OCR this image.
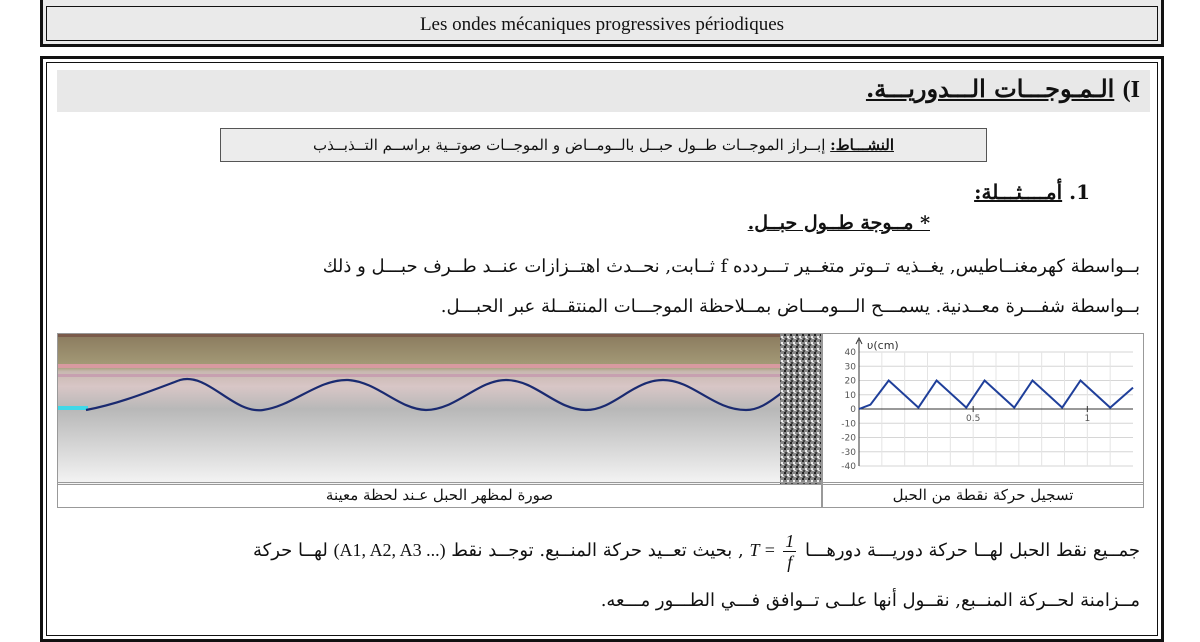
Les ondes mécaniques progressives périodiques
I) الـمـوجـــات الـــدوريـــة.
النشـــاط: إبــراز الموجــات طــول حبــل بالــومــاض و الموجــات صوتــية براســم التــذبــذب
1. أمــــثـــلة:
* مــوجة طــول حبــل.
بــواسطة كهرمغنــاطيس, يغــذيه تــوتر متغــير تـــردده f ثــابت, نحــدث اهتــزازات عنــد طــرف حبـــل و ذلك
بــواسطة شفـــرة معــدنية. يسمـــح الـــومـــاض بمــلاحظة الموجـــات المنتقــلة عبر الحبـــل.
40
30
20
10
0
-10
-20
-30
-40
υ(cm)
0.5	1
صورة لمظهر الحبل عـند لحظة معينة	تسجيل حركة نقطة من الحبل
جمــيع نقط الحبل لهــا حركة دوريـــة دورهـــا $T = \frac{1}{f}$
, بحيث تعــيد حركة المنــبع. توجــد نقط (A1, A2, A3 ...) لهــا حركة
مــزامنة لحــركة المنــبع, نقــول أنها علــى تــوافق فـــي الطـــور مـــعه.
